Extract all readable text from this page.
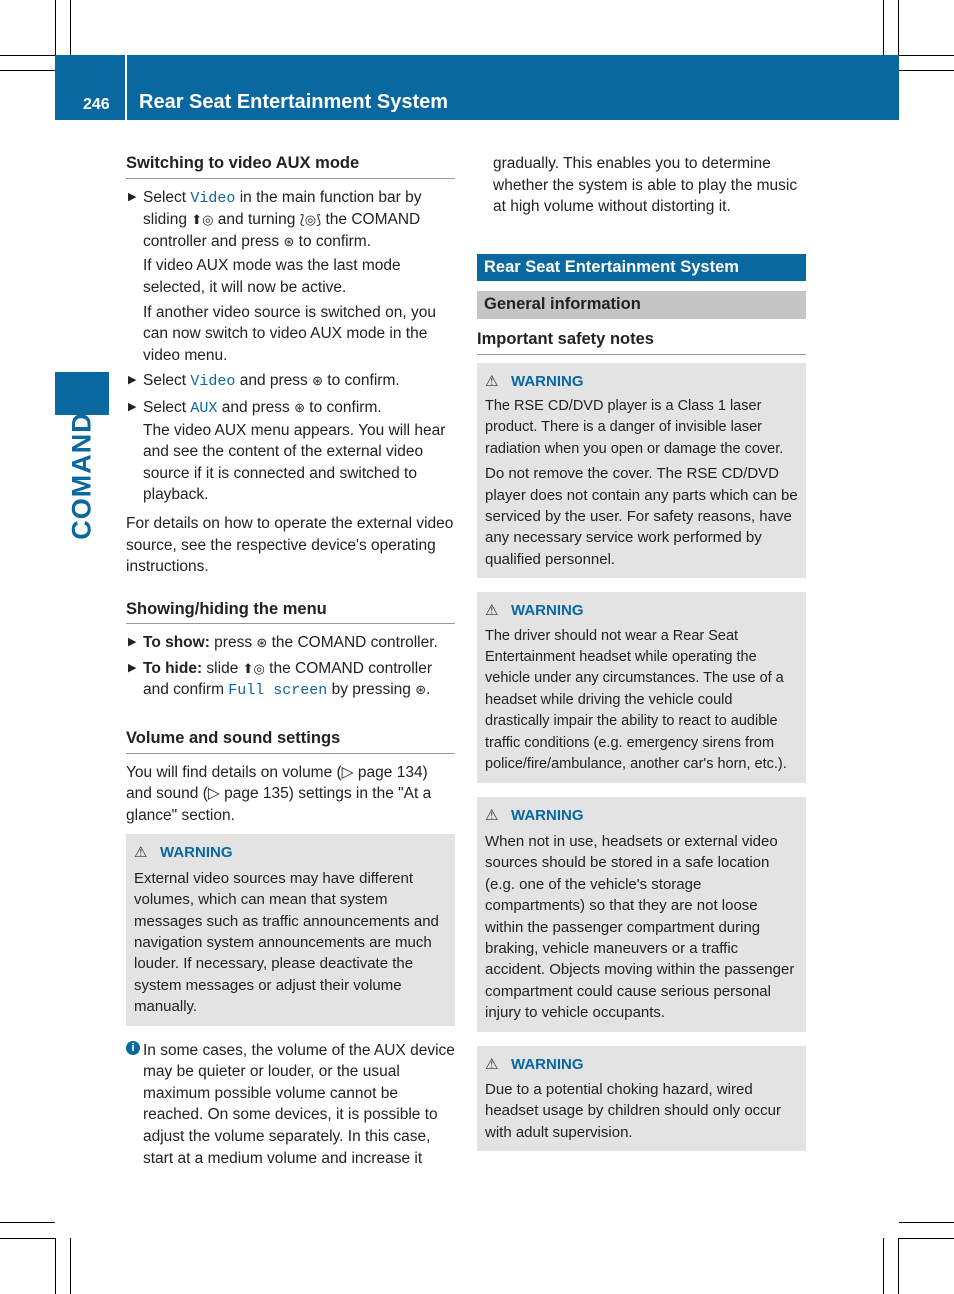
246 Rear Seat Entertainment System
COMAND

Switching to video AUX mode

▶ Select Video in the main function bar by sliding ⬆◎ and turning ⟅◎⟆ the COMAND controller and press ⊛ to confirm.

If video AUX mode was the last mode selected, it will now be active.

If another video source is switched on, you can now switch to video AUX mode in the video menu.

▶ Select Video and press ⊛ to confirm.
▶ Select AUX and press ⊛ to confirm.

The video AUX menu appears. You will hear and see the content of the external video source if it is connected and switched to playback.

For details on how to operate the external video source, see the respective device's operating instructions.

Showing/hiding the menu

▶ To show: press ⊛ the COMAND controller.
▶ To hide: slide ⬆◎ the COMAND controller and confirm Full screen by pressing ⊛.

Volume and sound settings

You will find details on volume (▷ page 134) and sound (▷ page 135) settings in the "At a glance" section.

⚠ WARNING

External video sources may have different volumes, which can mean that system messages such as traffic announcements and navigation system announcements are much louder. If necessary, please deactivate the system messages or adjust their volume manually.

i In some cases, the volume of the AUX device may be quieter or louder, or the usual maximum possible volume cannot be reached. On some devices, it is possible to adjust the volume separately. In this case, start at a medium volume and increase it

gradually. This enables you to determine whether the system is able to play the music at high volume without distorting it.

Rear Seat Entertainment System
General information

Important safety notes

⚠ WARNING

The RSE CD/DVD player is a Class 1 laser product. There is a danger of invisible laser radiation when you open or damage the cover.

Do not remove the cover. The RSE CD/DVD player does not contain any parts which can be serviced by the user. For safety reasons, have any necessary service work performed by qualified personnel.

⚠ WARNING

The driver should not wear a Rear Seat Entertainment headset while operating the vehicle under any circumstances. The use of a headset while driving the vehicle could drastically impair the ability to react to audible traffic conditions (e.g. emergency sirens from police/fire/ambulance, another car's horn, etc.).

⚠ WARNING

When not in use, headsets or external video sources should be stored in a safe location (e.g. one of the vehicle's storage compartments) so that they are not loose within the passenger compartment during braking, vehicle maneuvers or a traffic accident. Objects moving within the passenger compartment could cause serious personal injury to vehicle occupants.

⚠ WARNING

Due to a potential choking hazard, wired headset usage by children should only occur with adult supervision.
